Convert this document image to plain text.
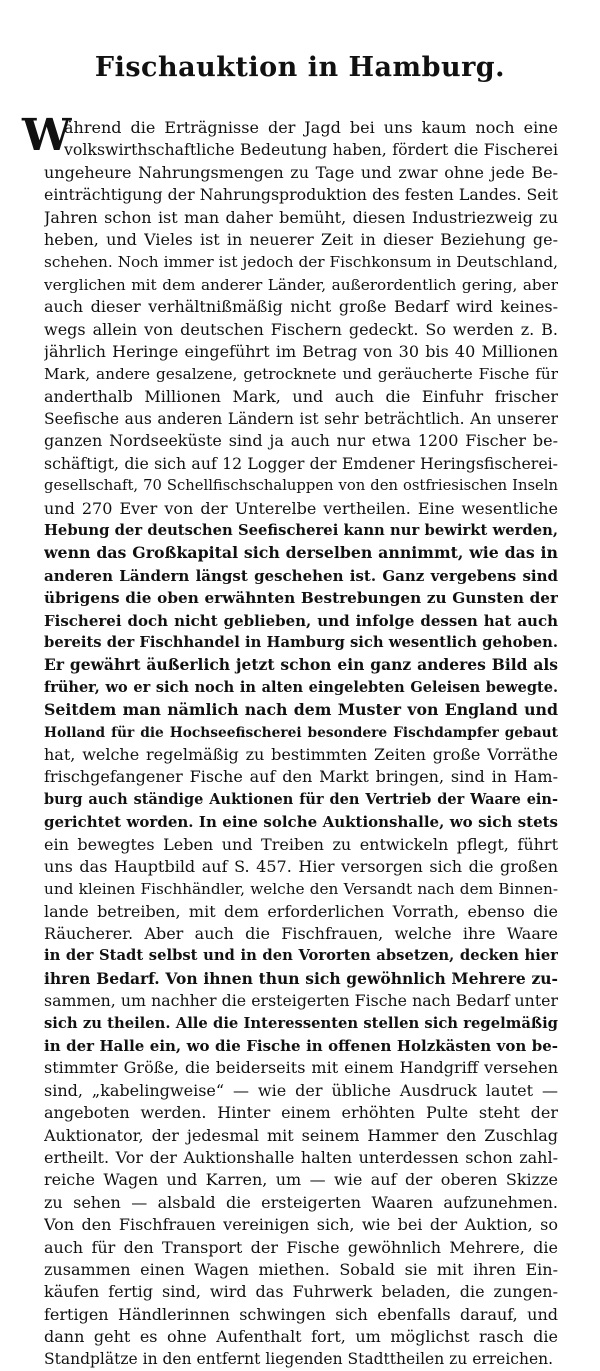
Fischauktion in Hamburg.
W
ährend die Erträgnisse der Jagd bei uns kaum noch eine
volkswirthschaftliche Bedeutung haben, fördert die Fischerei
ungeheure Nahrungsmengen zu Tage und zwar ohne jede Be-
einträchtigung der Nahrungsproduktion des festen Landes. Seit
Jahren schon ist man daher bemüht, diesen Industriezweig zu
heben, und Vieles ist in neuerer Zeit in dieser Beziehung ge-
schehen. Noch immer ist jedoch der Fischkonsum in Deutschland,
verglichen mit dem anderer Länder, außerordentlich gering, aber
auch dieser verhältnißmäßig nicht große Bedarf wird keines-
wegs allein von deutschen Fischern gedeckt. So werden z. B.
jährlich Heringe eingeführt im Betrag von 30 bis 40 Millionen
Mark, andere gesalzene, getrocknete und geräucherte Fische für
anderthalb Millionen Mark, und auch die Einfuhr frischer
Seefische aus anderen Ländern ist sehr beträchtlich. An unserer
ganzen Nordseeküste sind ja auch nur etwa 1200 Fischer be-
schäftigt, die sich auf 12 Logger der Emdener Heringsfischerei-
gesellschaft, 70 Schellfischschaluppen von den ostfriesischen Inseln
und 270 Ever von der Unterelbe vertheilen. Eine wesentliche
Hebung der deutschen Seefischerei kann nur bewirkt werden,
wenn das Großkapital sich derselben annimmt, wie das in
anderen Ländern längst geschehen ist. Ganz vergebens sind
übrigens die oben erwähnten Bestrebungen zu Gunsten der
Fischerei doch nicht geblieben, und infolge dessen hat auch
bereits der Fischhandel in Hamburg sich wesentlich gehoben.
Er gewährt äußerlich jetzt schon ein ganz anderes Bild als
früher, wo er sich noch in alten eingelebten Geleisen bewegte.
Seitdem man nämlich nach dem Muster von England und
Holland für die Hochseefischerei besondere Fischdampfer gebaut
hat, welche regelmäßig zu bestimmten Zeiten große Vorräthe
frischgefangener Fische auf den Markt bringen, sind in Ham-
burg auch ständige Auktionen für den Vertrieb der Waare ein-
gerichtet worden. In eine solche Auktionshalle, wo sich stets
ein bewegtes Leben und Treiben zu entwickeln pflegt, führt
uns das Hauptbild auf S. 457. Hier versorgen sich die großen
und kleinen Fischhändler, welche den Versandt nach dem Binnen-
lande betreiben, mit dem erforderlichen Vorrath, ebenso die
Räucherer. Aber auch die Fischfrauen, welche ihre Waare
in der Stadt selbst und in den Vororten absetzen, decken hier
ihren Bedarf. Von ihnen thun sich gewöhnlich Mehrere zu-
sammen, um nachher die ersteigerten Fische nach Bedarf unter
sich zu theilen. Alle die Interessenten stellen sich regelmäßig
in der Halle ein, wo die Fische in offenen Holzkästen von be-
stimmter Größe, die beiderseits mit einem Handgriff versehen
sind, „kabelingweise“ — wie der übliche Ausdruck lautet —
angeboten werden. Hinter einem erhöhten Pulte steht der
Auktionator, der jedesmal mit seinem Hammer den Zuschlag
ertheilt. Vor der Auktionshalle halten unterdessen schon zahl-
reiche Wagen und Karren, um — wie auf der oberen Skizze
zu sehen — alsbald die ersteigerten Waaren aufzunehmen.
Von den Fischfrauen vereinigen sich, wie bei der Auktion, so
auch für den Transport der Fische gewöhnlich Mehrere, die
zusammen einen Wagen miethen. Sobald sie mit ihren Ein-
käufen fertig sind, wird das Fuhrwerk beladen, die zungen-
fertigen Händlerinnen schwingen sich ebenfalls darauf, und
dann geht es ohne Aufenthalt fort, um möglichst rasch die
Standplätze in den entfernt liegenden Stadttheilen zu erreichen.
